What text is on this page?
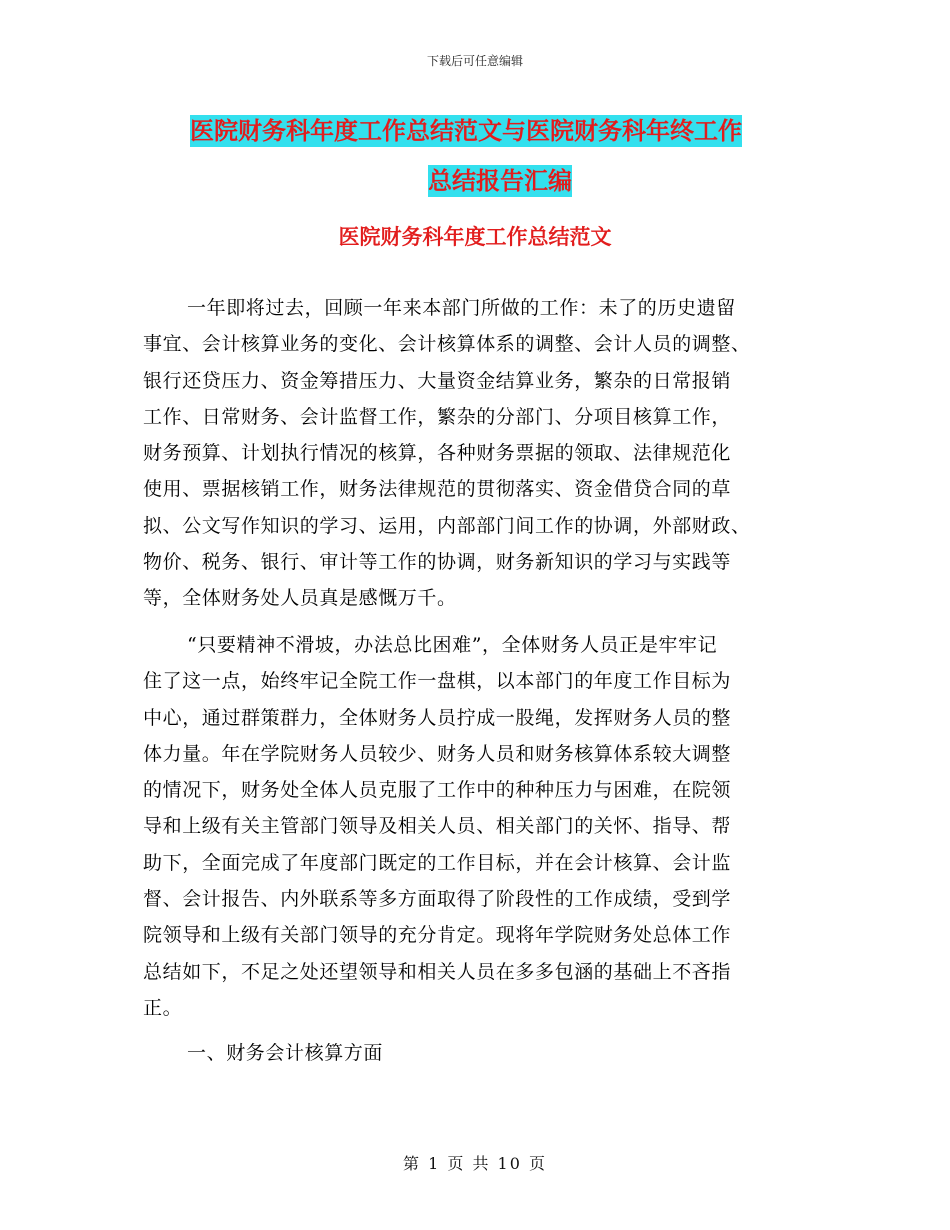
下载后可任意编辑
医院财务科年度工作总结范文与医院财务科年终工作
总结报告汇编
医院财务科年度工作总结范文
一年即将过去，回顾一年来本部门所做的工作：未了的历史遗留
事宜、会计核算业务的变化、会计核算体系的调整、会计人员的调整、
银行还贷压力、资金筹措压力、大量资金结算业务，繁杂的日常报销
工作、日常财务、会计监督工作，繁杂的分部门、分项目核算工作，
财务预算、计划执行情况的核算，各种财务票据的领取、法律规范化
使用、票据核销工作，财务法律规范的贯彻落实、资金借贷合同的草
拟、公文写作知识的学习、运用，内部部门间工作的协调，外部财政、
物价、税务、银行、审计等工作的协调，财务新知识的学习与实践等
等，全体财务处人员真是感慨万千。
“只要精神不滑坡，办法总比困难”，全体财务人员正是牢牢记
住了这一点，始终牢记全院工作一盘棋，以本部门的年度工作目标为
中心，通过群策群力，全体财务人员拧成一股绳，发挥财务人员的整
体力量。年在学院财务人员较少、财务人员和财务核算体系较大调整
的情况下，财务处全体人员克服了工作中的种种压力与困难，在院领
导和上级有关主管部门领导及相关人员、相关部门的关怀、指导、帮
助下，全面完成了年度部门既定的工作目标，并在会计核算、会计监
督、会计报告、内外联系等多方面取得了阶段性的工作成绩，受到学
院领导和上级有关部门领导的充分肯定。现将年学院财务处总体工作
总结如下，不足之处还望领导和相关人员在多多包涵的基础上不吝指
正。
一、财务会计核算方面
第 1 页 共 10 页
